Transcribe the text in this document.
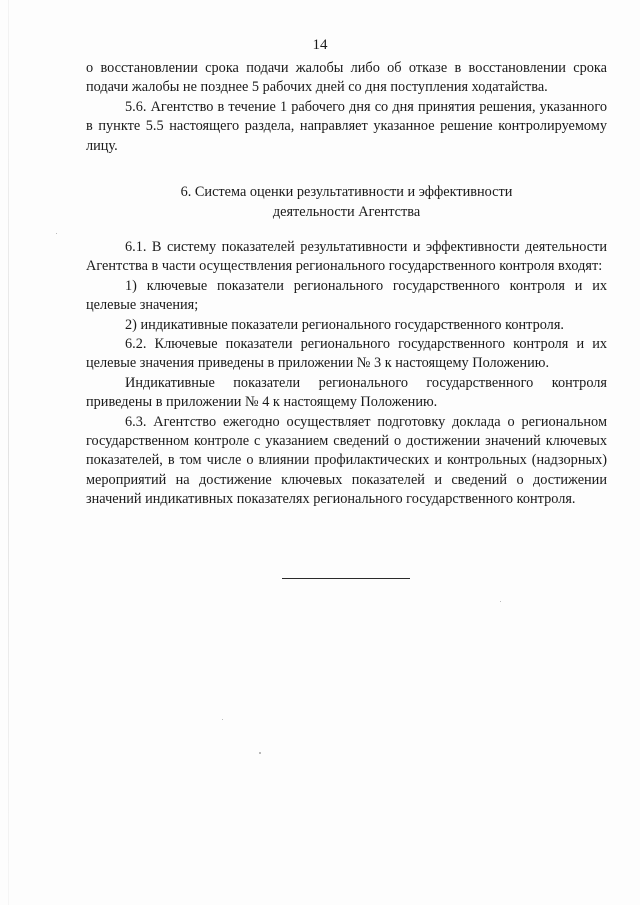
14

о восстановлении срока подачи жалобы либо об отказе в восстановлении срока подачи жалобы не позднее 5 рабочих дней со дня поступления ходатайства.

5.6. Агентство в течение 1 рабочего дня со дня принятия решения, указанного в пункте 5.5 настоящего раздела, направляет указанное решение контролируемому лицу.

6. Система оценки результативности и эффективности
деятельности Агентства

6.1. В систему показателей результативности и эффективности деятельности Агентства в части осуществления регионального государственного контроля входят:

1) ключевые показатели регионального государственного контроля и их целевые значения;

2) индикативные показатели регионального государственного контроля.

6.2. Ключевые показатели регионального государственного контроля и их целевые значения приведены в приложении № 3 к настоящему Положению.

Индикативные показатели регионального государственного контроля приведены в приложении № 4 к настоящему Положению.

6.3. Агентство ежегодно осуществляет подготовку доклада о региональном государственном контроле с указанием сведений о достижении значений ключевых показателей, в том числе о влиянии профилактических и контрольных (надзорных) мероприятий на достижение ключевых показателей и сведений о достижении значений индикативных показателях регионального государственного контроля.
